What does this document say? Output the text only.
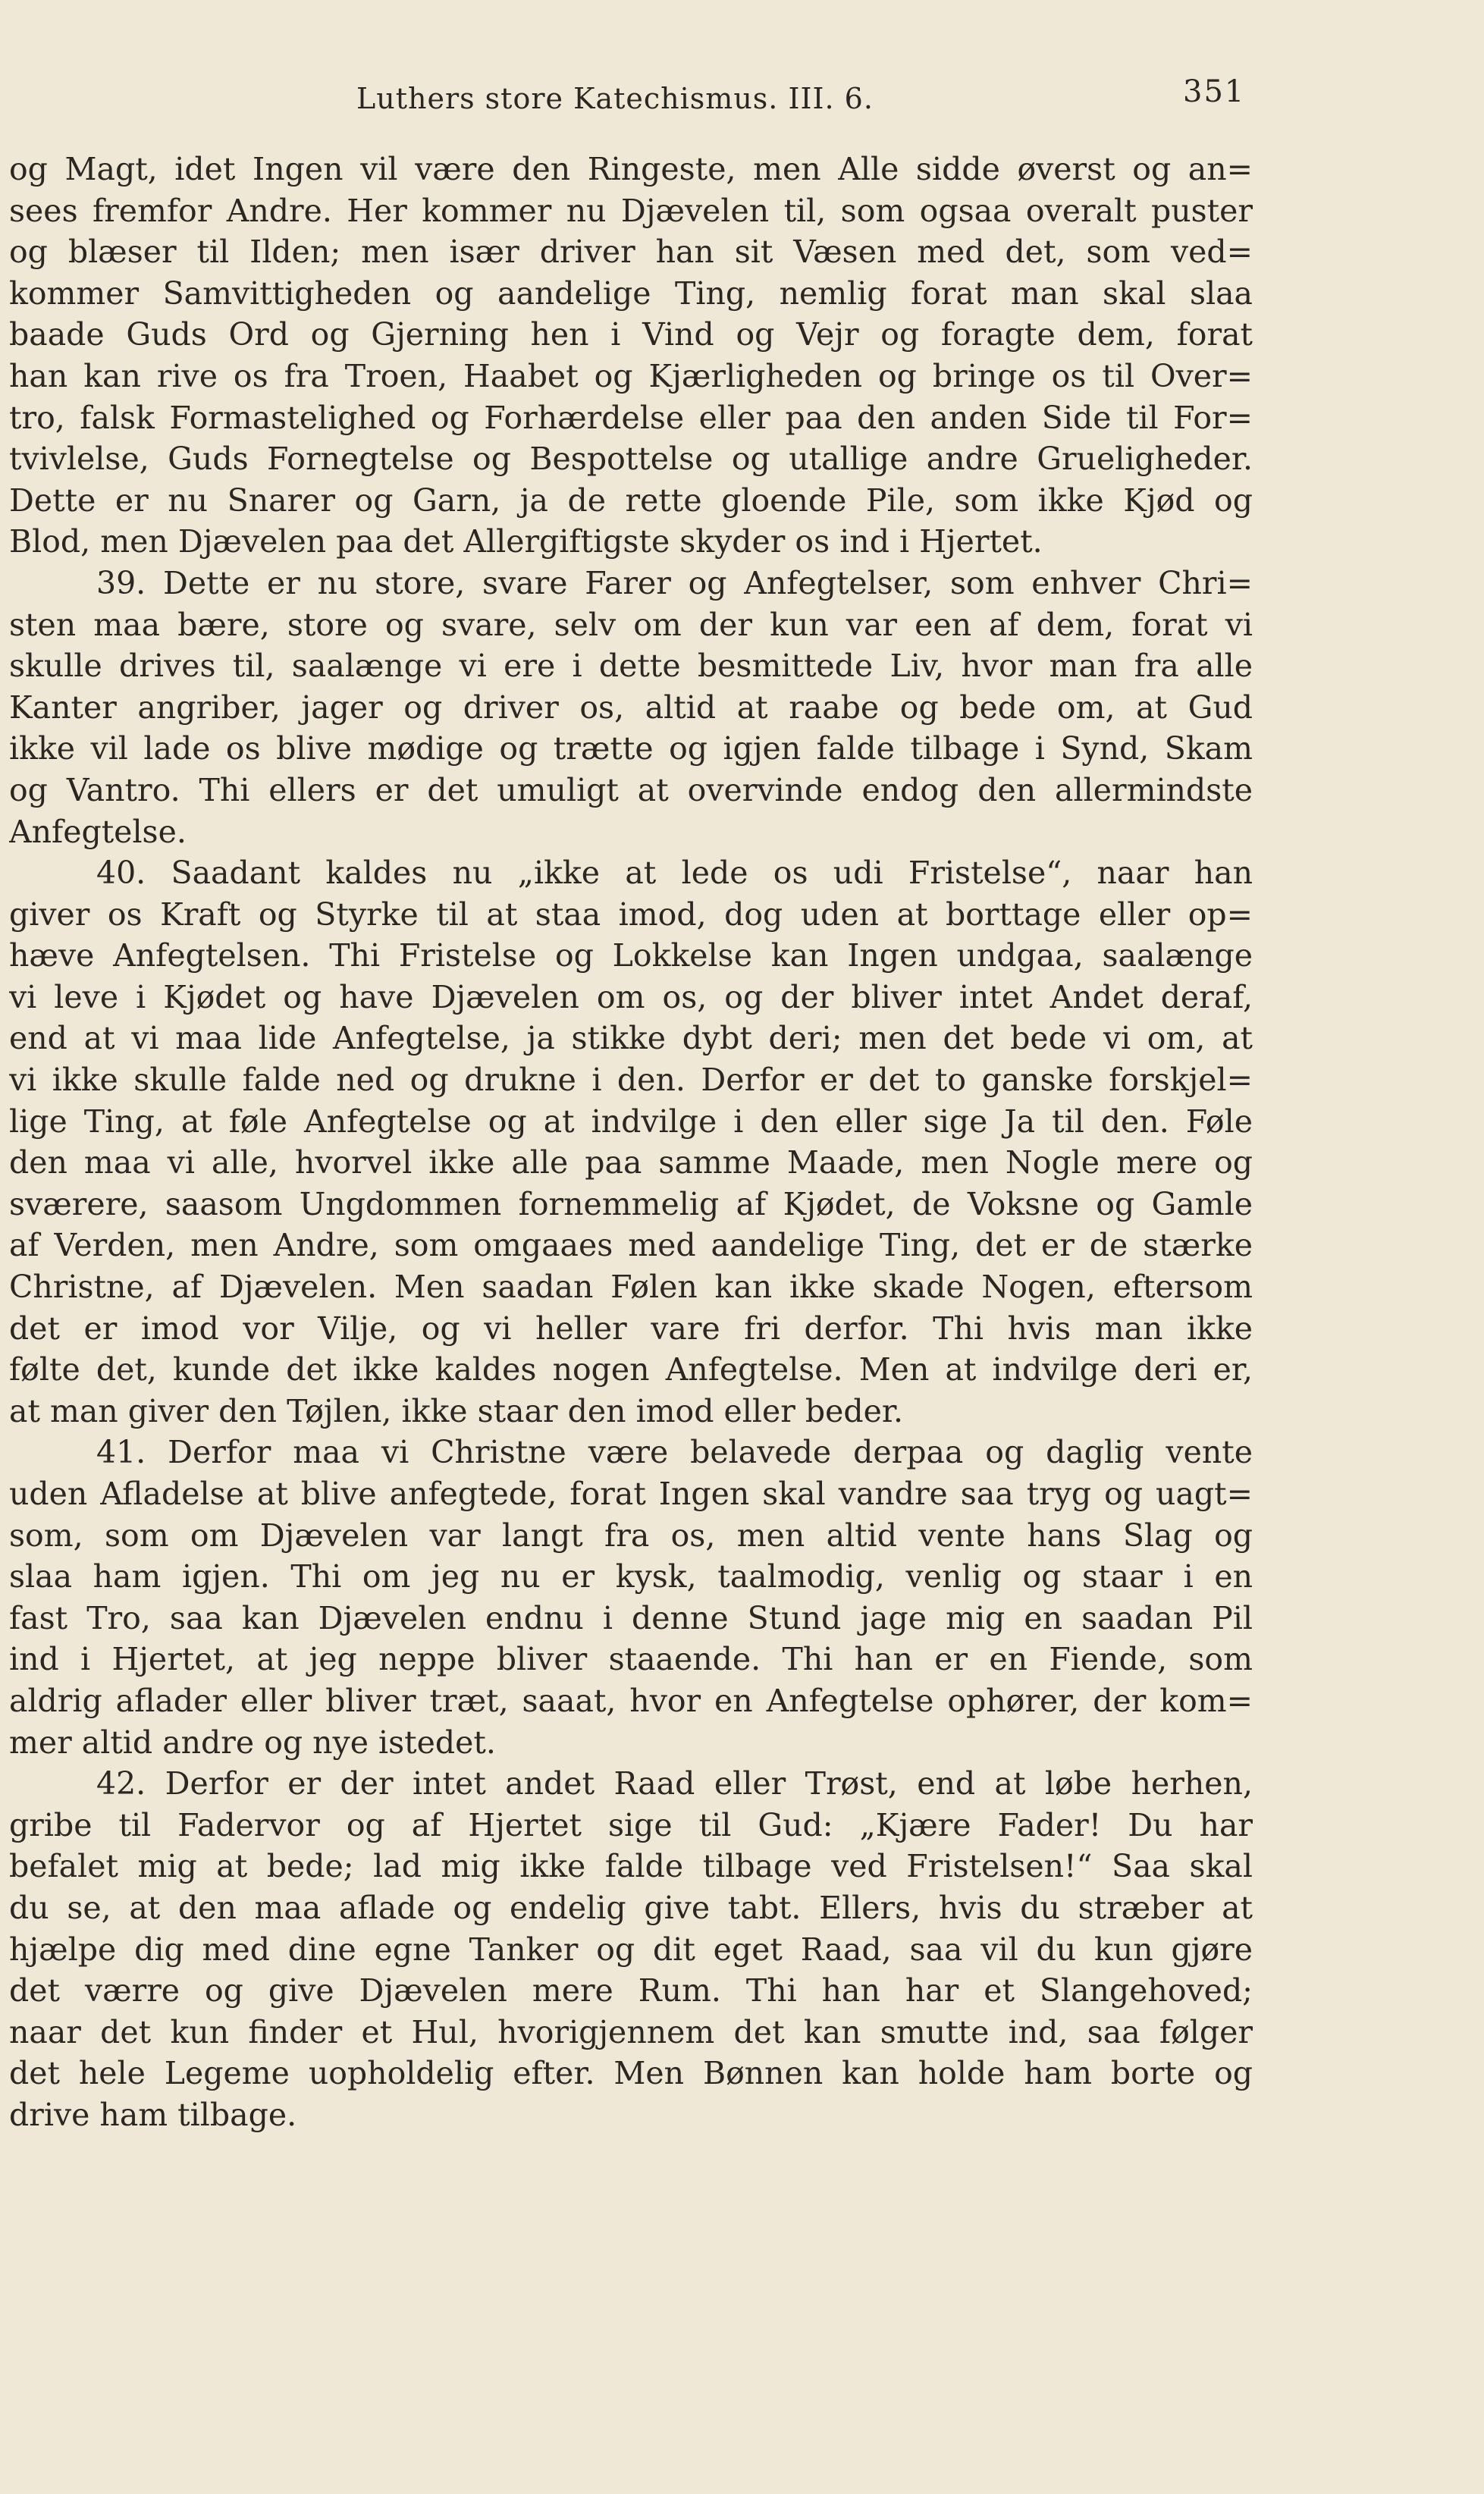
Luthers store Katechismus. III. 6.	351
og Magt, idet Ingen vil være den Ringeste, men Alle sidde øverst og an=
sees fremfor Andre. Her kommer nu Djævelen til, som ogsaa overalt puster
og blæser til Ilden; men især driver han sit Væsen med det, som ved=
kommer Samvittigheden og aandelige Ting, nemlig forat man skal slaa
baade Guds Ord og Gjerning hen i Vind og Vejr og foragte dem, forat
han kan rive os fra Troen, Haabet og Kjærligheden og bringe os til Over=
tro, falsk Formastelighed og Forhærdelse eller paa den anden Side til For=
tvivlelse, Guds Fornegtelse og Bespottelse og utallige andre Grueligheder.
Dette er nu Snarer og Garn, ja de rette gloende Pile, som ikke Kjød og
Blod, men Djævelen paa det Allergiftigste skyder os ind i Hjertet.
39. Dette er nu store, svare Farer og Anfegtelser, som enhver Chri=
sten maa bære, store og svare, selv om der kun var een af dem, forat vi
skulle drives til, saalænge vi ere i dette besmittede Liv, hvor man fra alle
Kanter angriber, jager og driver os, altid at raabe og bede om, at Gud
ikke vil lade os blive mødige og trætte og igjen falde tilbage i Synd, Skam
og Vantro. Thi ellers er det umuligt at overvinde endog den allermindste
Anfegtelse.
40. Saadant kaldes nu „ikke at lede os udi Fristelse“, naar han
giver os Kraft og Styrke til at staa imod, dog uden at borttage eller op=
hæve Anfegtelsen. Thi Fristelse og Lokkelse kan Ingen undgaa, saalænge
vi leve i Kjødet og have Djævelen om os, og der bliver intet Andet deraf,
end at vi maa lide Anfegtelse, ja stikke dybt deri; men det bede vi om, at
vi ikke skulle falde ned og drukne i den. Derfor er det to ganske forskjel=
lige Ting, at føle Anfegtelse og at indvilge i den eller sige Ja til den. Føle
den maa vi alle, hvorvel ikke alle paa samme Maade, men Nogle mere og
sværere, saasom Ungdommen fornemmelig af Kjødet, de Voksne og Gamle
af Verden, men Andre, som omgaaes med aandelige Ting, det er de stærke
Christne, af Djævelen. Men saadan Følen kan ikke skade Nogen, eftersom
det er imod vor Vilje, og vi heller vare fri derfor. Thi hvis man ikke
følte det, kunde det ikke kaldes nogen Anfegtelse. Men at indvilge deri er,
at man giver den Tøjlen, ikke staar den imod eller beder.
41. Derfor maa vi Christne være belavede derpaa og daglig vente
uden Afladelse at blive anfegtede, forat Ingen skal vandre saa tryg og uagt=
som, som om Djævelen var langt fra os, men altid vente hans Slag og
slaa ham igjen. Thi om jeg nu er kysk, taalmodig, venlig og staar i en
fast Tro, saa kan Djævelen endnu i denne Stund jage mig en saadan Pil
ind i Hjertet, at jeg neppe bliver staaende. Thi han er en Fiende, som
aldrig aflader eller bliver træt, saaat, hvor en Anfegtelse ophører, der kom=
mer altid andre og nye istedet.
42. Derfor er der intet andet Raad eller Trøst, end at løbe herhen,
gribe til Fadervor og af Hjertet sige til Gud: „Kjære Fader! Du har
befalet mig at bede; lad mig ikke falde tilbage ved Fristelsen!“ Saa skal
du se, at den maa aflade og endelig give tabt. Ellers, hvis du stræber at
hjælpe dig med dine egne Tanker og dit eget Raad, saa vil du kun gjøre
det værre og give Djævelen mere Rum. Thi han har et Slangehoved;
naar det kun finder et Hul, hvorigjennem det kan smutte ind, saa følger
det hele Legeme uopholdelig efter. Men Bønnen kan holde ham borte og
drive ham tilbage.
